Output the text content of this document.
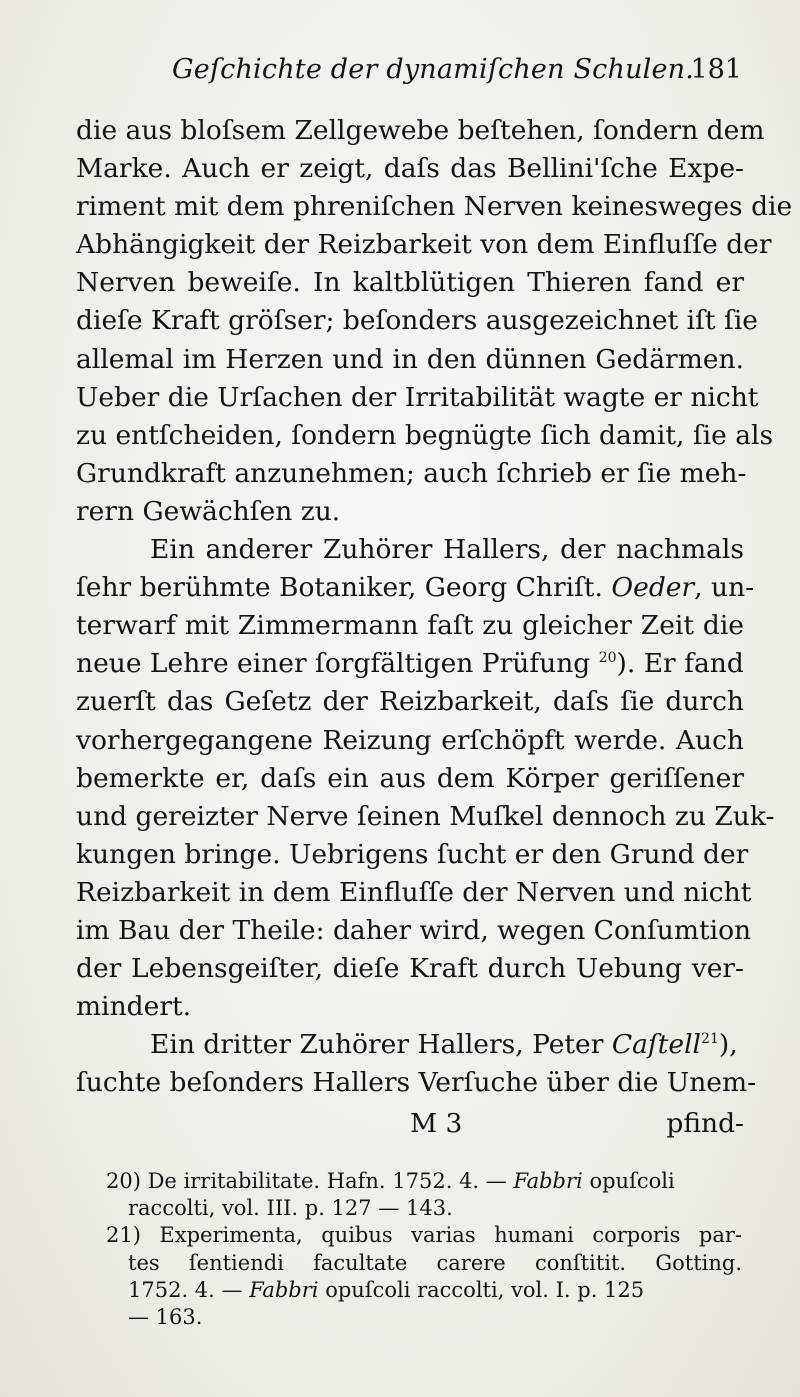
Geſchichte der dynamiſchen Schulen.
181
die aus bloſsem Zellgewebe beſtehen, ſondern dem
Marke. Auch er zeigt, daſs das Bellini'ſche Expe-
riment mit dem phreniſchen Nerven keinesweges die
Abhängigkeit der Reizbarkeit von dem Einfluſſe der
Nerven beweiſe. In kaltblütigen Thieren fand er
dieſe Kraft gröſser; beſonders ausgezeichnet iſt ſie
allemal im Herzen und in den dünnen Gedärmen.
Ueber die Urſachen der Irritabilität wagte er nicht
zu entſcheiden, ſondern begnügte ſich damit, ſie als
Grundkraft anzunehmen; auch ſchrieb er ſie meh-
rern Gewächſen zu.
Ein anderer Zuhörer Hallers, der nachmals
ſehr berühmte Botaniker, Georg Chriſt. Oeder, un-
terwarf mit Zimmermann faſt zu gleicher Zeit die
neue Lehre einer ſorgfältigen Prüfung $^{20}$). Er fand
zuerſt das Geſetz der Reizbarkeit, daſs ſie durch
vorhergegangene Reizung erſchöpft werde. Auch
bemerkte er, daſs ein aus dem Körper geriſſener
und gereizter Nerve ſeinen Muſkel dennoch zu Zuk-
kungen bringe. Uebrigens ſucht er den Grund der
Reizbarkeit in dem Einfluſſe der Nerven und nicht
im Bau der Theile: daher wird, wegen Conſumtion
der Lebensgeiſter, dieſe Kraft durch Uebung ver-
mindert.
Ein dritter Zuhörer Hallers, Peter Caſtell$^{21}$),
ſuchte beſonders Hallers Verſuche über die Unem-
M 3	pfind-
20) De irritabilitate. Hafn. 1752. 4. — Fabbri opuſcoli
raccolti, vol. III. p. 127 — 143.
21) Experimenta, quibus varias humani corporis par-
tes ſentiendi facultate carere conſtitit. Gotting.
1752. 4. — Fabbri opuſcoli raccolti, vol. I. p. 125
— 163.
